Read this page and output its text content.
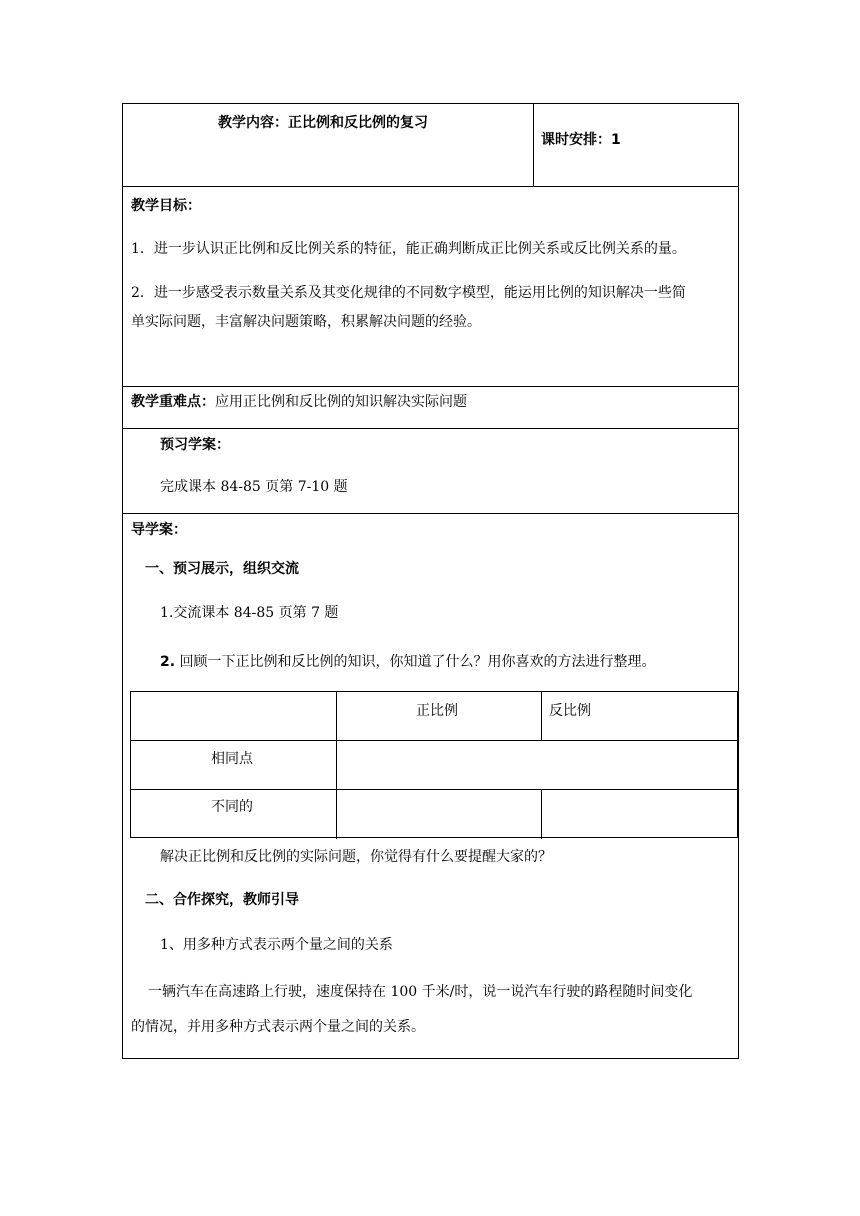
教学内容：正比例和反比例的复习
课时安排：1
教学目标：
1．进一步认识正比例和反比例关系的特征，能正确判断成正比例关系或反比例关系的量。
2．进一步感受表示数量关系及其变化规律的不同数字模型，能运用比例的知识解决一些简
单实际问题，丰富解决问题策略，积累解决问题的经验。
教学重难点：应用正比例和反比例的知识解决实际问题
预习学案：
完成课本 84-85 页第 7-10 题
导学案：
一、预习展示，组织交流
1.交流课本 84-85 页第 7 题
2. 回顾一下正比例和反比例的知识，你知道了什么？用你喜欢的方法进行整理。
正比例	反比例
相同点
不同的
解决正比例和反比例的实际问题，你觉得有什么要提醒大家的？
二、合作探究，教师引导
1、用多种方式表示两个量之间的关系
一辆汽车在高速路上行驶，速度保持在 100 千米/时，说一说汽车行驶的路程随时间变化
的情况，并用多种方式表示两个量之间的关系。
